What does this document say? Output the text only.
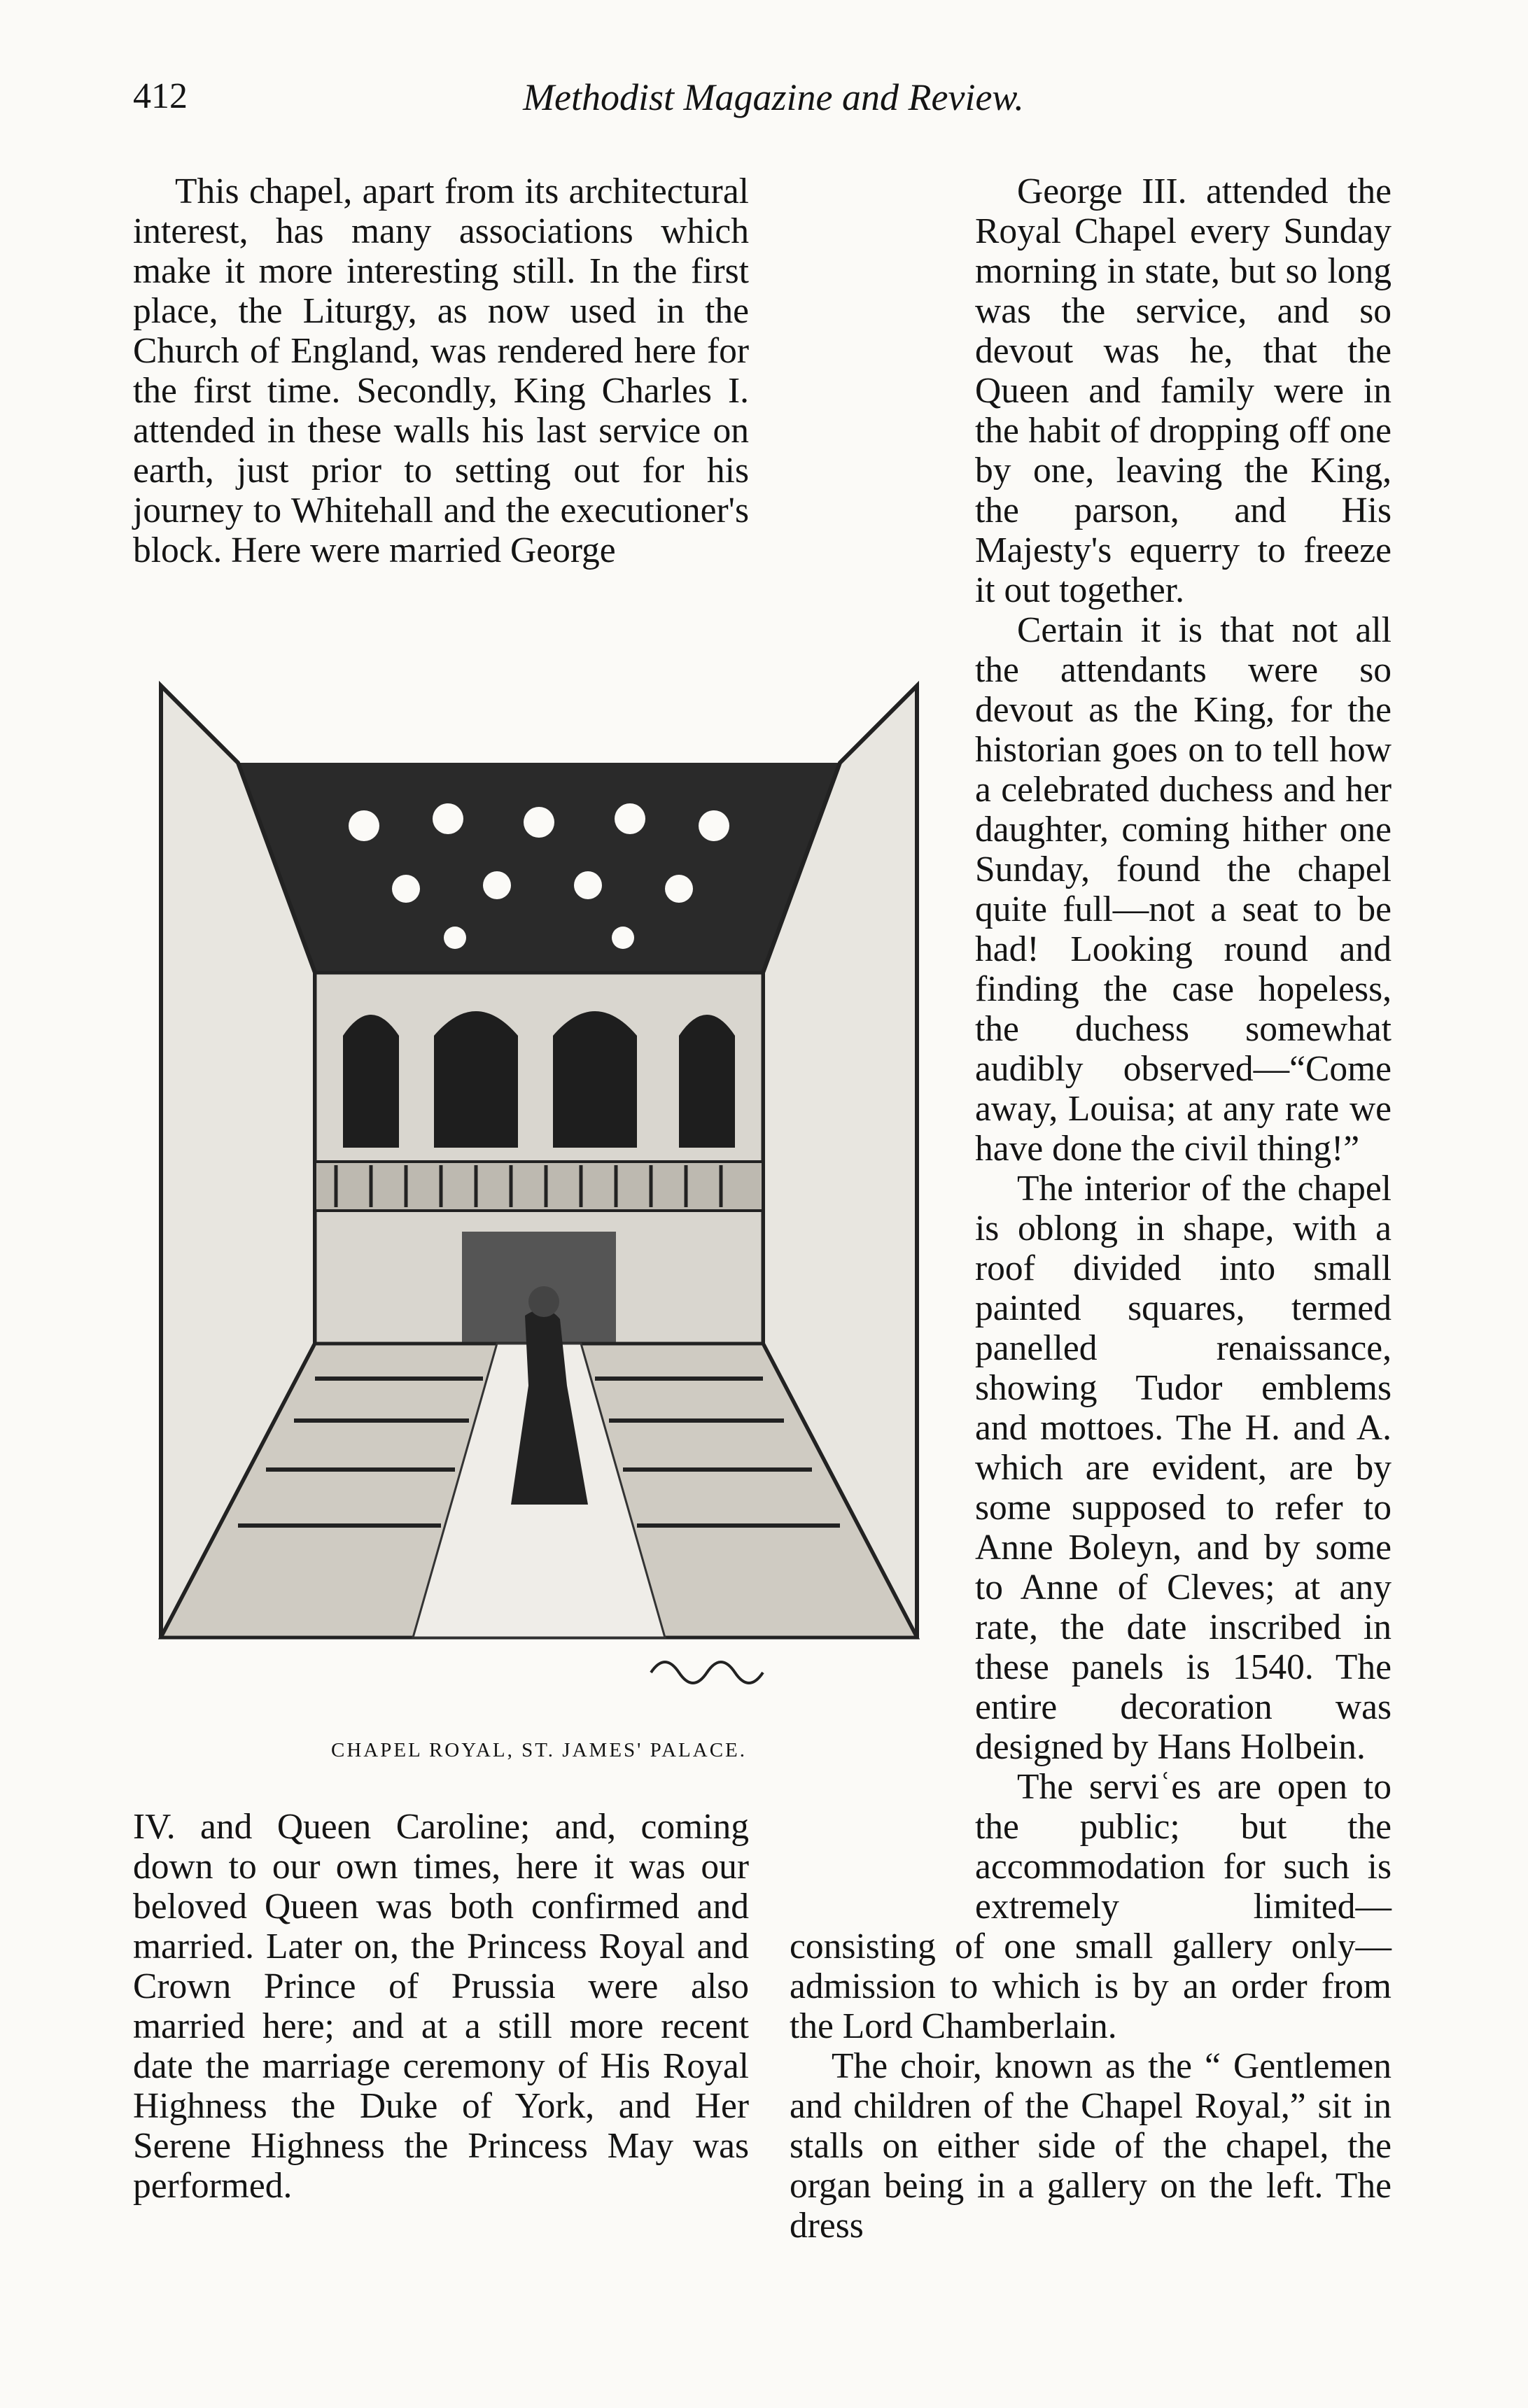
412	Methodist Magazine and Review.

This chapel, apart from its architectural interest, has many associations which make it more interesting still. In the first place, the Liturgy, as now used in the Church of England, was rendered here for the first time. Secondly, King Charles I. attended in these walls his last service on earth, just prior to setting out for his journey to Whitehall and the executioner's block. Here were married George

CHAPEL ROYAL, ST. JAMES' PALACE.

IV. and Queen Caroline; and, coming down to our own times, here it was our beloved Queen was both confirmed and married. Later on, the Princess Royal and Crown Prince of Prussia were also married here; and at a still more recent date the marriage ceremony of His Royal Highness the Duke of York, and Her Serene Highness the Princess May was performed.

George III. attended the Royal Chapel every Sunday morning in state, but so long was the service, and so devout was he, that the Queen and family were in the habit of dropping off one by one, leaving the King, the parson, and His Majesty's equerry to freeze it out together.

Certain it is that not all the attendants were so devout as the King, for the historian goes on to tell how a celebrated duchess and her daughter, coming hither one Sunday, found the chapel quite full—not a seat to be had! Looking round and finding the case hopeless, the duchess somewhat audibly observed—“Come away, Louisa; at any rate we have done the civil thing!”

The interior of the chapel is oblong in shape, with a roof divided into small painted squares, termed panelled renaissance, showing Tudor emblems and mottoes. The H. and A. which are evident, are by some supposed to refer to Anne Boleyn, and by some to Anne of Cleves; at any rate, the date inscribed in these panels is 1540. The entire decoration was designed by Hans Holbein.

The serviʿes are open to the public; but the accommodation for such is extremely limited—consisting of one small gallery only—admission to which is by an order from the Lord Chamberlain.

The choir, known as the “ Gentlemen and children of the Chapel Royal,” sit in stalls on either side of the chapel, the organ being in a gallery on the left. The dress
